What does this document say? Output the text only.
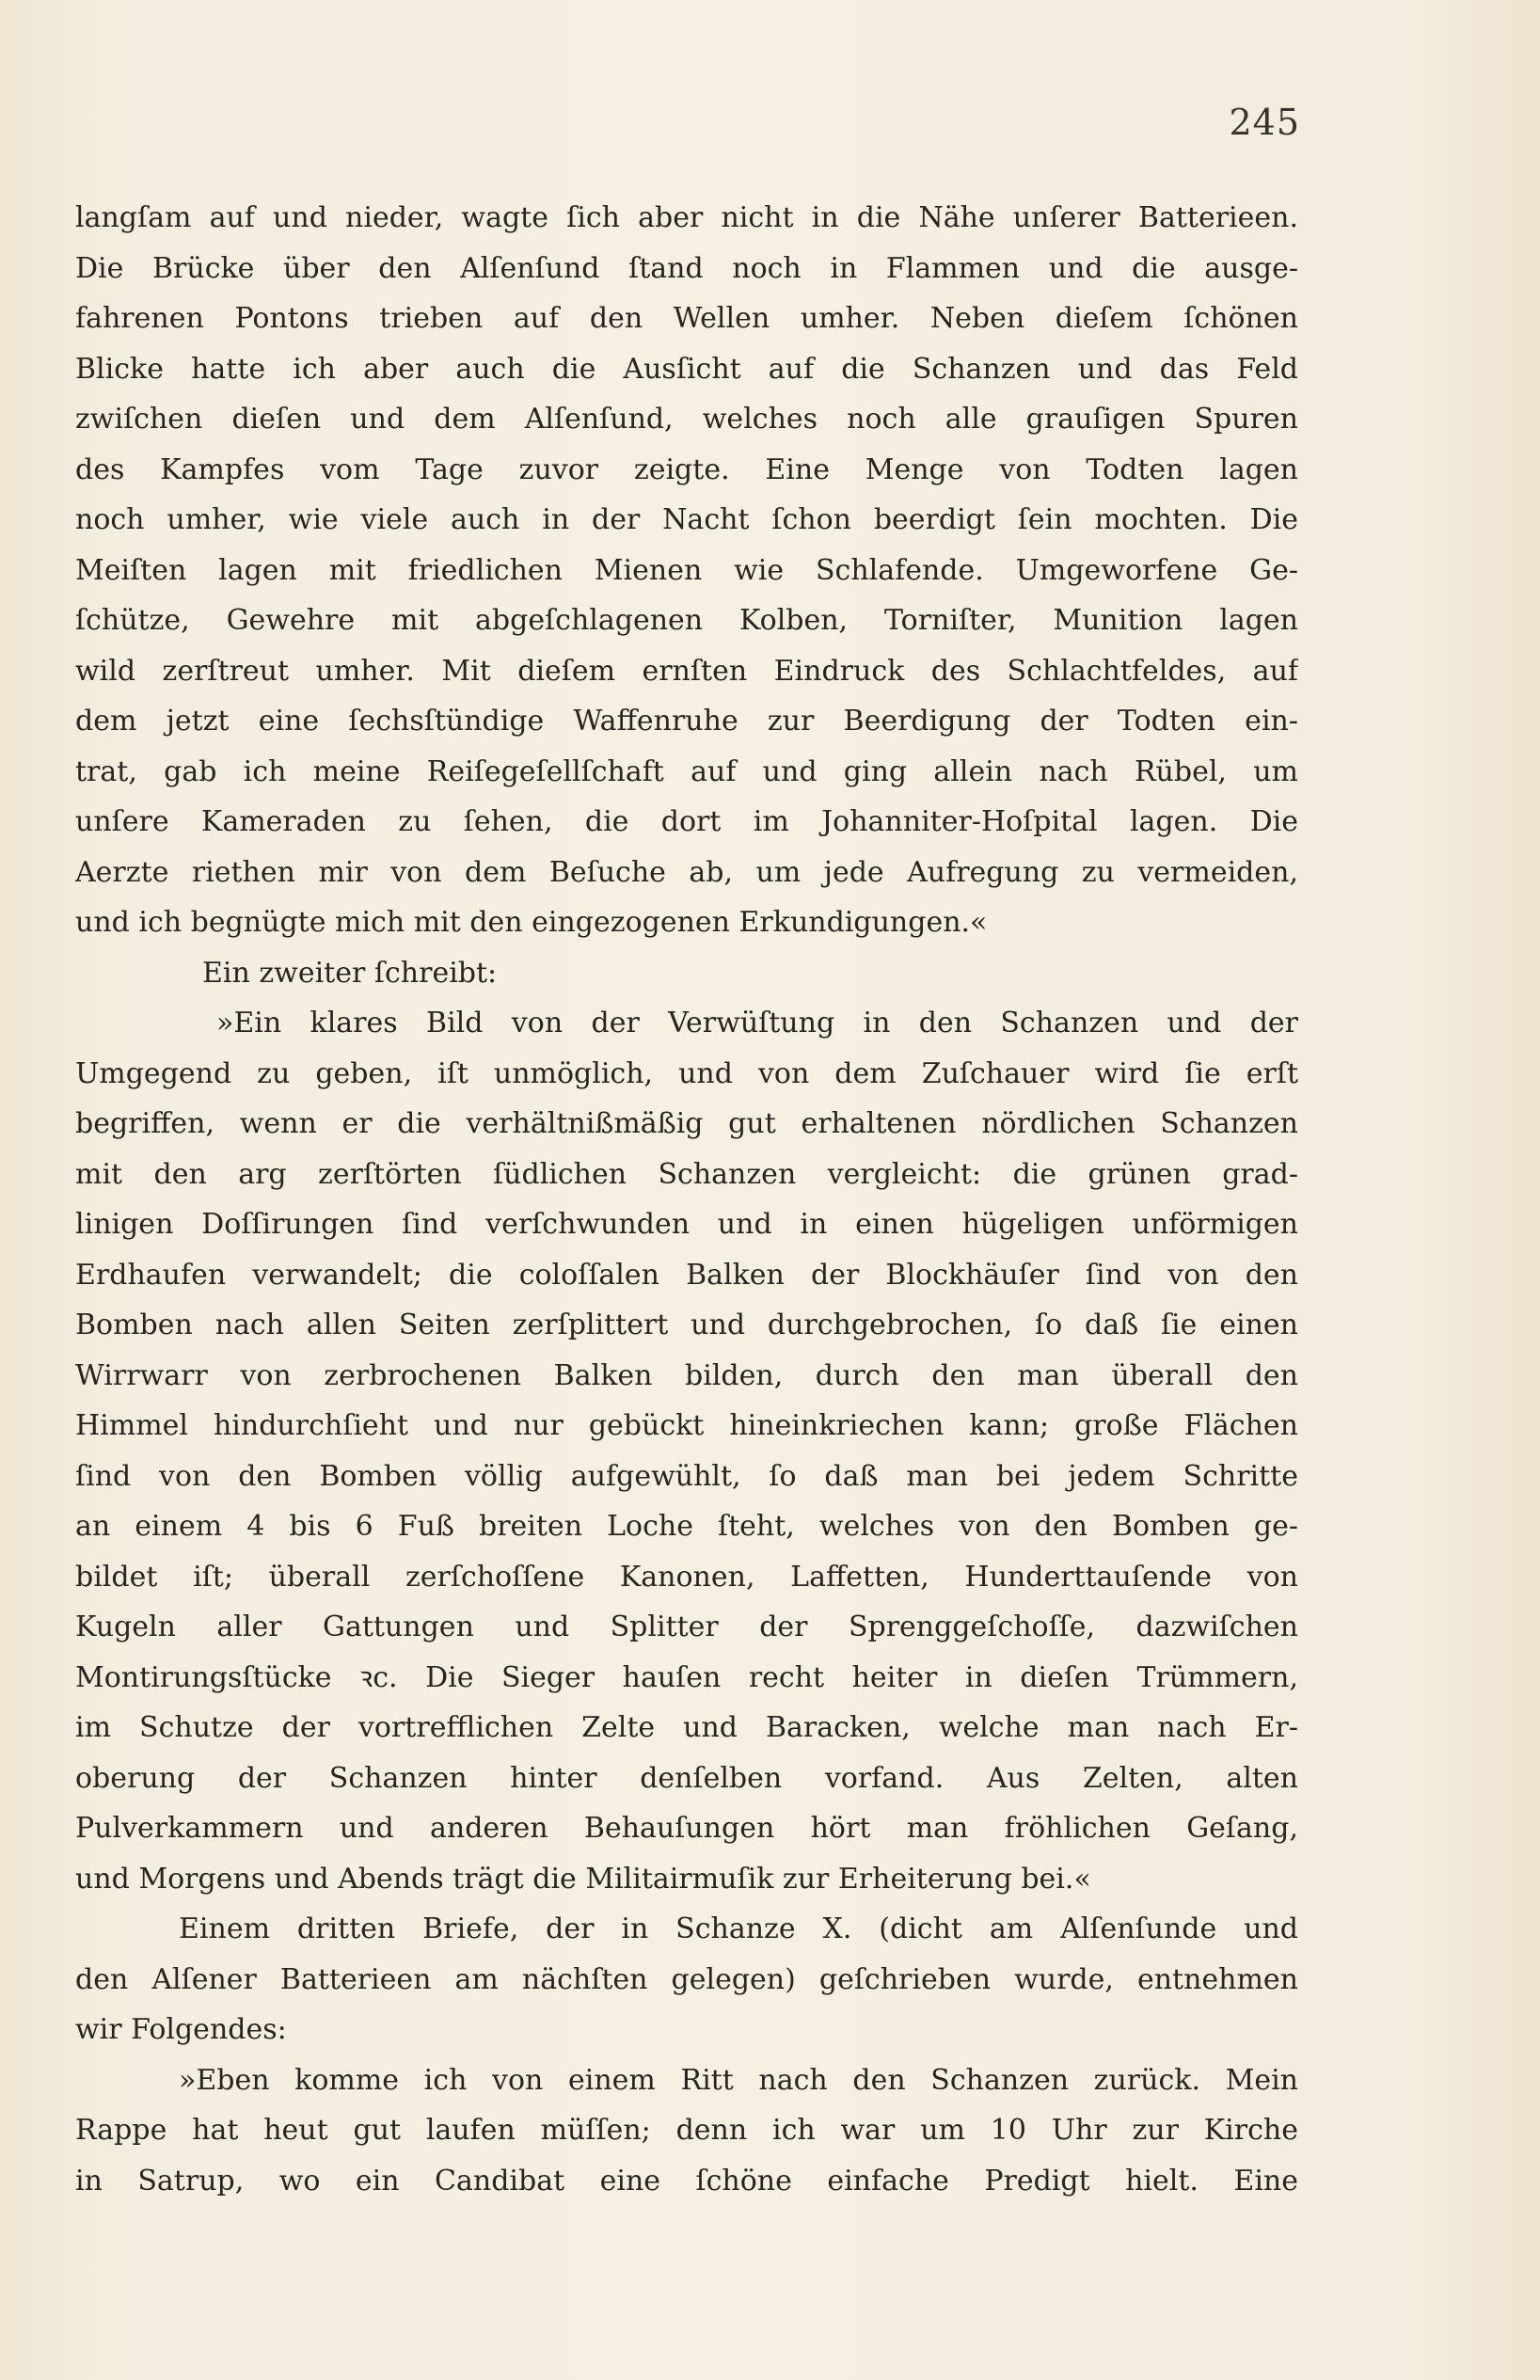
245
langſam auf und nieder, wagte ſich aber nicht in die Nähe unſerer Batterieen.
Die Brücke über den Alſenſund ſtand noch in Flammen und die ausge-
fahrenen Pontons trieben auf den Wellen umher. Neben dieſem ſchönen
Blicke hatte ich aber auch die Ausſicht auf die Schanzen und das Feld
zwiſchen dieſen und dem Alſenſund, welches noch alle grauſigen Spuren
des Kampfes vom Tage zuvor zeigte. Eine Menge von Todten lagen
noch umher, wie viele auch in der Nacht ſchon beerdigt ſein mochten. Die
Meiſten lagen mit friedlichen Mienen wie Schlafende. Umgeworfene Ge-
ſchütze, Gewehre mit abgeſchlagenen Kolben, Torniſter, Munition lagen
wild zerſtreut umher. Mit dieſem ernſten Eindruck des Schlachtfeldes, auf
dem jetzt eine ſechsſtündige Waffenruhe zur Beerdigung der Todten ein-
trat, gab ich meine Reiſegeſellſchaft auf und ging allein nach Rübel, um
unſere Kameraden zu ſehen, die dort im Johanniter-Hoſpital lagen. Die
Aerzte riethen mir von dem Beſuche ab, um jede Aufregung zu vermeiden,
und ich begnügte mich mit den eingezogenen Erkundigungen.«
Ein zweiter ſchreibt:
»Ein klares Bild von der Verwüſtung in den Schanzen und der
Umgegend zu geben, iſt unmöglich, und von dem Zuſchauer wird ſie erſt
begriffen, wenn er die verhältnißmäßig gut erhaltenen nördlichen Schanzen
mit den arg zerſtörten ſüdlichen Schanzen vergleicht: die grünen grad-
linigen Doſſirungen ſind verſchwunden und in einen hügeligen unförmigen
Erdhaufen verwandelt; die coloſſalen Balken der Blockhäuſer ſind von den
Bomben nach allen Seiten zerſplittert und durchgebrochen, ſo daß ſie einen
Wirrwarr von zerbrochenen Balken bilden, durch den man überall den
Himmel hindurchſieht und nur gebückt hineinkriechen kann; große Flächen
ſind von den Bomben völlig aufgewühlt, ſo daß man bei jedem Schritte
an einem 4 bis 6 Fuß breiten Loche ſteht, welches von den Bomben ge-
bildet iſt; überall zerſchoſſene Kanonen, Laffetten, Hunderttauſende von
Kugeln aller Gattungen und Splitter der Sprenggeſchoſſe, dazwiſchen
Montirungsſtücke ꝛc. Die Sieger hauſen recht heiter in dieſen Trümmern,
im Schutze der vortrefflichen Zelte und Baracken, welche man nach Er-
oberung der Schanzen hinter denſelben vorfand. Aus Zelten, alten
Pulverkammern und anderen Behauſungen hört man fröhlichen Geſang,
und Morgens und Abends trägt die Militairmuſik zur Erheiterung bei.«
Einem dritten Briefe, der in Schanze X. (dicht am Alſenſunde und
den Alſener Batterieen am nächſten gelegen) geſchrieben wurde, entnehmen
wir Folgendes:
»Eben komme ich von einem Ritt nach den Schanzen zurück. Mein
Rappe hat heut gut laufen müſſen; denn ich war um 10 Uhr zur Kirche
in Satrup, wo ein Candibat eine ſchöne einfache Predigt hielt. Eine
